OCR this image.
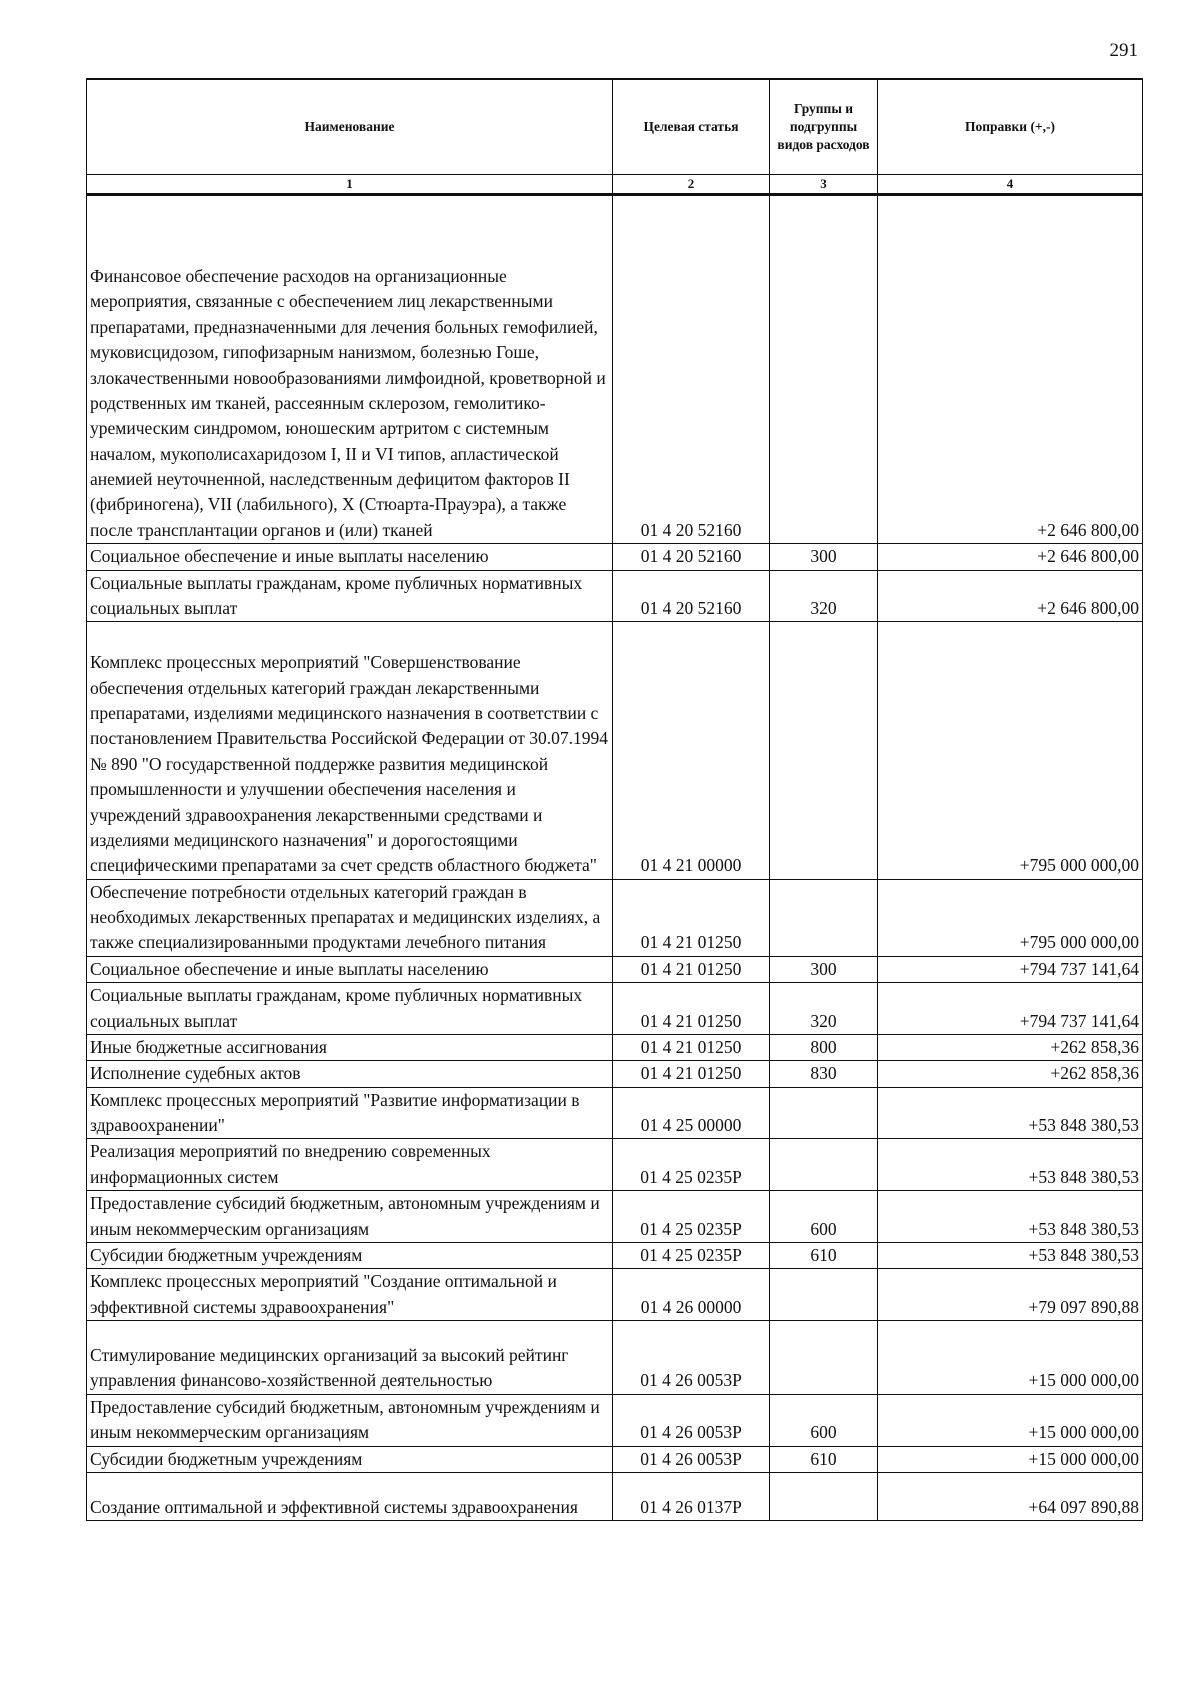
291
Наименование	Целевая статья	Группы и подгруппы видов расходов	Поправки (+,-)
1	2	3	4

Финансовое обеспечение расходов на организационные мероприятия, связанные с обеспечением лиц лекарственными препаратами, предназначенными для лечения больных гемофилией, муковисцидозом, гипофизарным нанизмом, болезнью Гоше, злокачественными новообразованиями лимфоидной, кроветворной и родственных им тканей, рассеянным склерозом, гемолитико-уремическим синдромом, юношеским артритом с системным началом, мукополисахаридозом I, II и VI типов, апластической анемией неуточненной, наследственным дефицитом факторов II (фибриногена), VII (лабильного), X (Стюарта-Прауэра), а также после трансплантации органов и (или) тканей	01 4 20 52160		+2 646 800,00
Социальное обеспечение и иные выплаты населению	01 4 20 52160	300	+2 646 800,00
Социальные выплаты гражданам, кроме публичных нормативных социальных выплат	01 4 20 52160	320	+2 646 800,00

Комплекс процессных мероприятий "Совершенствование обеспечения отдельных категорий граждан лекарственными препаратами, изделиями медицинского назначения в соответствии с постановлением Правительства Российской Федерации от 30.07.1994 № 890 "О государственной поддержке развития медицинской промышленности и улучшении обеспечения населения и учреждений здравоохранения лекарственными средствами и изделиями медицинского назначения" и дорогостоящими специфическими препаратами за счет средств областного бюджета"	01 4 21 00000		+795 000 000,00
Обеспечение потребности отдельных категорий граждан в необходимых лекарственных препаратах и медицинских изделиях, а также специализированными продуктами лечебного питания	01 4 21 01250		+795 000 000,00
Социальное обеспечение и иные выплаты населению	01 4 21 01250	300	+794 737 141,64
Социальные выплаты гражданам, кроме публичных нормативных социальных выплат	01 4 21 01250	320	+794 737 141,64
Иные бюджетные ассигнования	01 4 21 01250	800	+262 858,36
Исполнение судебных актов	01 4 21 01250	830	+262 858,36
Комплекс процессных мероприятий "Развитие информатизации в здравоохранении"	01 4 25 00000		+53 848 380,53
Реализация мероприятий по внедрению современных информационных систем	01 4 25 0235Р		+53 848 380,53
Предоставление субсидий бюджетным, автономным учреждениям и иным некоммерческим организациям	01 4 25 0235Р	600	+53 848 380,53
Субсидии бюджетным учреждениям	01 4 25 0235Р	610	+53 848 380,53
Комплекс процессных мероприятий "Создание оптимальной и эффективной системы здравоохранения"	01 4 26 00000		+79 097 890,88

Стимулирование медицинских организаций за высокий рейтинг управления финансово-хозяйственной деятельностью	01 4 26 0053Р		+15 000 000,00
Предоставление субсидий бюджетным, автономным учреждениям и иным некоммерческим организациям	01 4 26 0053Р	600	+15 000 000,00
Субсидии бюджетным учреждениям	01 4 26 0053Р	610	+15 000 000,00

Создание оптимальной и эффективной системы здравоохранения	01 4 26 0137Р		+64 097 890,88
